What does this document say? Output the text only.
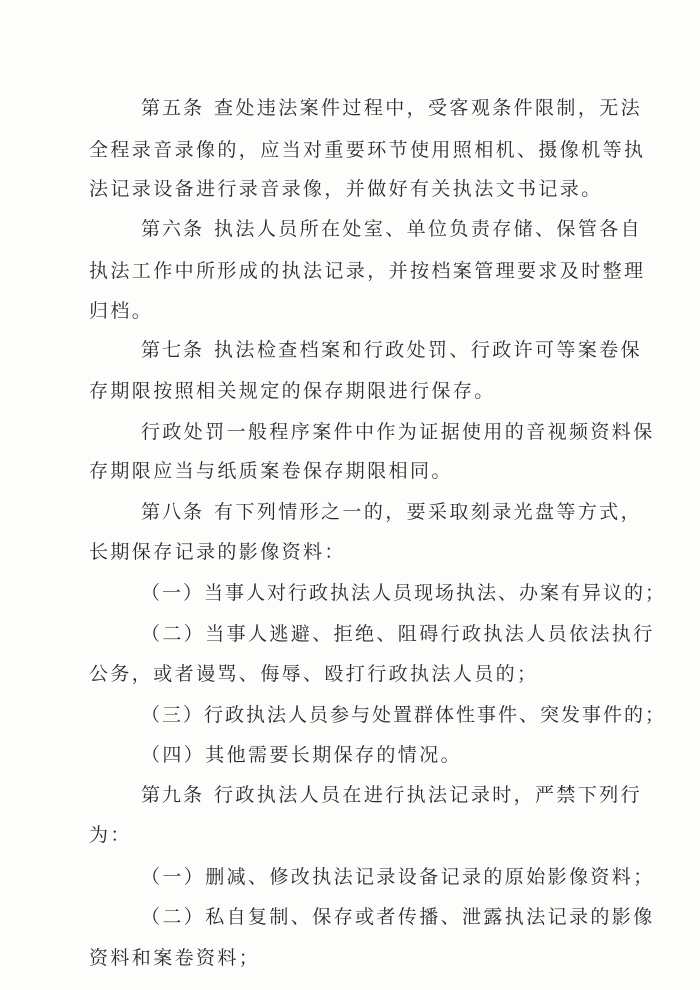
第五条 查处违法案件过程中，受客观条件限制，无法
全程录音录像的，应当对重要环节使用照相机、摄像机等执
法记录设备进行录音录像，并做好有关执法文书记录。
第六条 执法人员所在处室、单位负责存储、保管各自
执法工作中所形成的执法记录，并按档案管理要求及时整理
归档。
第七条 执法检查档案和行政处罚、行政许可等案卷保
存期限按照相关规定的保存期限进行保存。
行政处罚一般程序案件中作为证据使用的音视频资料保
存期限应当与纸质案卷保存期限相同。
第八条 有下列情形之一的，要采取刻录光盘等方式，
长期保存记录的影像资料：
（一）当事人对行政执法人员现场执法、办案有异议的；
（二）当事人逃避、拒绝、阻碍行政执法人员依法执行
公务，或者谩骂、侮辱、殴打行政执法人员的；
（三）行政执法人员参与处置群体性事件、突发事件的；
（四）其他需要长期保存的情况。
第九条 行政执法人员在进行执法记录时，严禁下列行
为：
（一）删减、修改执法记录设备记录的原始影像资料；
（二）私自复制、保存或者传播、泄露执法记录的影像
资料和案卷资料；
